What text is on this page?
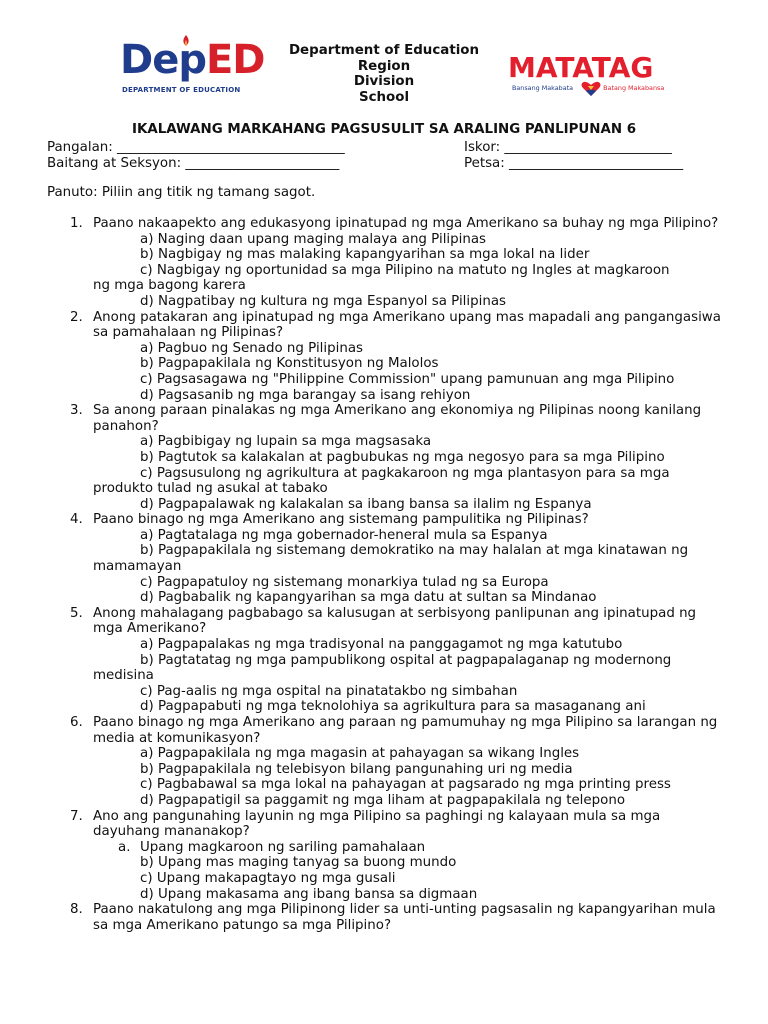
DepED
DEPARTMENT OF EDUCATION
Department of Education
Region
Division
School
MATATAG
Bansang Makabata	Batang Makabansa
IKALAWANG MARKAHANG PAGSUSULIT SA ARALING PANLIPUNAN 6
Pangalan: __________________________________	Iskor: _________________________
Baitang at Seksyon: _______________________	Petsa: __________________________
Panuto: Piliin ang titik ng tamang sagot.
1. Paano nakaapekto ang edukasyong ipinatupad ng mga Amerikano sa buhay ng mga Pilipino?
a) Naging daan upang maging malaya ang Pilipinas
b) Nagbigay ng mas malaking kapangyarihan sa mga lokal na lider
c) Nagbigay ng oportunidad sa mga Pilipino na matuto ng Ingles at magkaroon
ng mga bagong karera
d) Nagpatibay ng kultura ng mga Espanyol sa Pilipinas
2. Anong patakaran ang ipinatupad ng mga Amerikano upang mas mapadali ang pangangasiwa sa pamahalaan ng Pilipinas?
a) Pagbuo ng Senado ng Pilipinas
b) Pagpapakilala ng Konstitusyon ng Malolos
c) Pagsasagawa ng "Philippine Commission" upang pamunuan ang mga Pilipino
d) Pagsasanib ng mga barangay sa isang rehiyon
3. Sa anong paraan pinalakas ng mga Amerikano ang ekonomiya ng Pilipinas noong kanilang panahon?
a) Pagbibigay ng lupain sa mga magsasaka
b) Pagtutok sa kalakalan at pagbubukas ng mga negosyo para sa mga Pilipino
c) Pagsusulong ng agrikultura at pagkakaroon ng mga plantasyon para sa mga
produkto tulad ng asukal at tabako
d) Pagpapalawak ng kalakalan sa ibang bansa sa ilalim ng Espanya
4. Paano binago ng mga Amerikano ang sistemang pampulitika ng Pilipinas?
a) Pagtatalaga ng mga gobernador-heneral mula sa Espanya
b) Pagpapakilala ng sistemang demokratiko na may halalan at mga kinatawan ng
mamamayan
c) Pagpapatuloy ng sistemang monarkiya tulad ng sa Europa
d) Pagbabalik ng kapangyarihan sa mga datu at sultan sa Mindanao
5. Anong mahalagang pagbabago sa kalusugan at serbisyong panlipunan ang ipinatupad ng mga Amerikano?
a) Pagpapalakas ng mga tradisyonal na panggagamot ng mga katutubo
b) Pagtatatag ng mga pampublikong ospital at pagpapalaganap ng modernong
medisina
c) Pag-aalis ng mga ospital na pinatatakbo ng simbahan
d) Pagpapabuti ng mga teknolohiya sa agrikultura para sa masaganang ani
6. Paano binago ng mga Amerikano ang paraan ng pamumuhay ng mga Pilipino sa larangan ng media at komunikasyon?
a) Pagpapakilala ng mga magasin at pahayagan sa wikang Ingles
b) Pagpapakilala ng telebisyon bilang pangunahing uri ng media
c) Pagbabawal sa mga lokal na pahayagan at pagsarado ng mga printing press
d) Pagpapatigil sa paggamit ng mga liham at pagpapakilala ng telepono
7. Ano ang pangunahing layunin ng mga Pilipino sa paghingi ng kalayaan mula sa mga dayuhang mananakop?
a. Upang magkaroon ng sariling pamahalaan
b) Upang mas maging tanyag sa buong mundo
c) Upang makapagtayo ng mga gusali
d) Upang makasama ang ibang bansa sa digmaan
8. Paano nakatulong ang mga Pilipinong lider sa unti-unting pagsasalin ng kapangyarihan mula sa mga Amerikano patungo sa mga Pilipino?
